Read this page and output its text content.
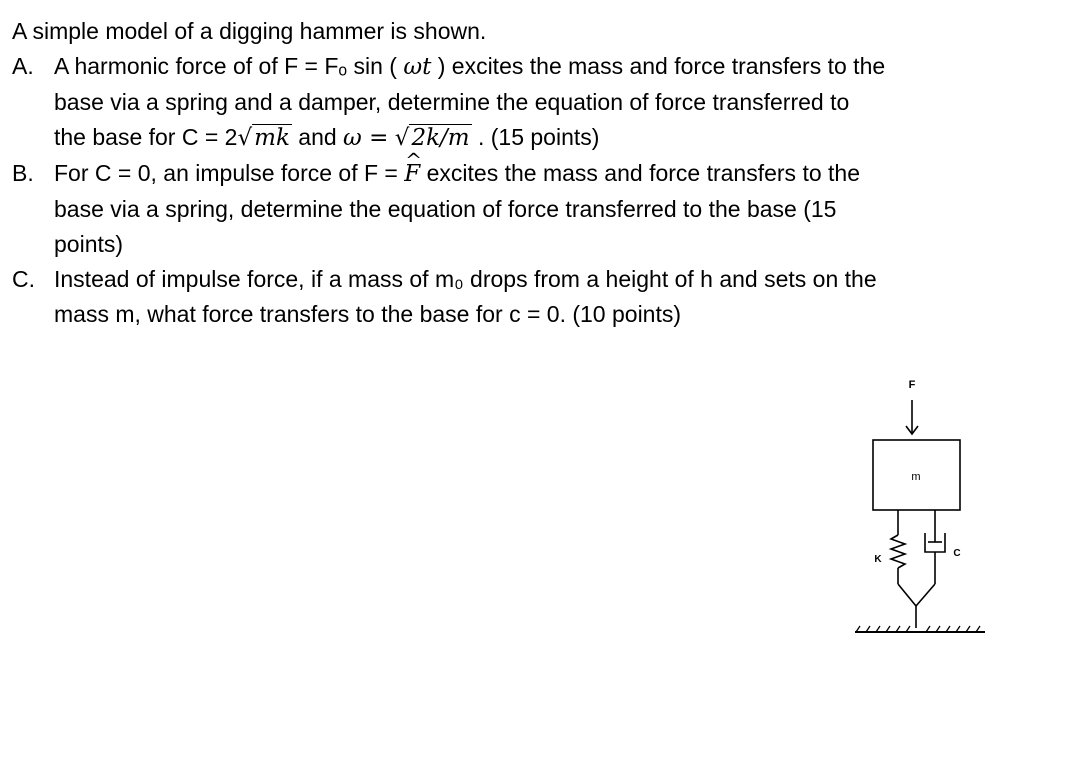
A simple model of a digging hammer is shown.

A. A harmonic force of of F = Fₒ sin ( ωt ) excites the mass and force transfers to the

base via a spring and a damper, determine the equation of force transferred to

the base for C = 2√mk and ω = √2k/m . (15 points)

B. For C = 0, an impulse force of F = ^ F excites the mass and force transfers to the

base via a spring, determine the equation of force transferred to the base (15

points)

C. Instead of impulse force, if a mass of m₀ drops from a height of h and sets on the

mass m, what force transfers to the base for c = 0. (10 points)

F
m
K
C
